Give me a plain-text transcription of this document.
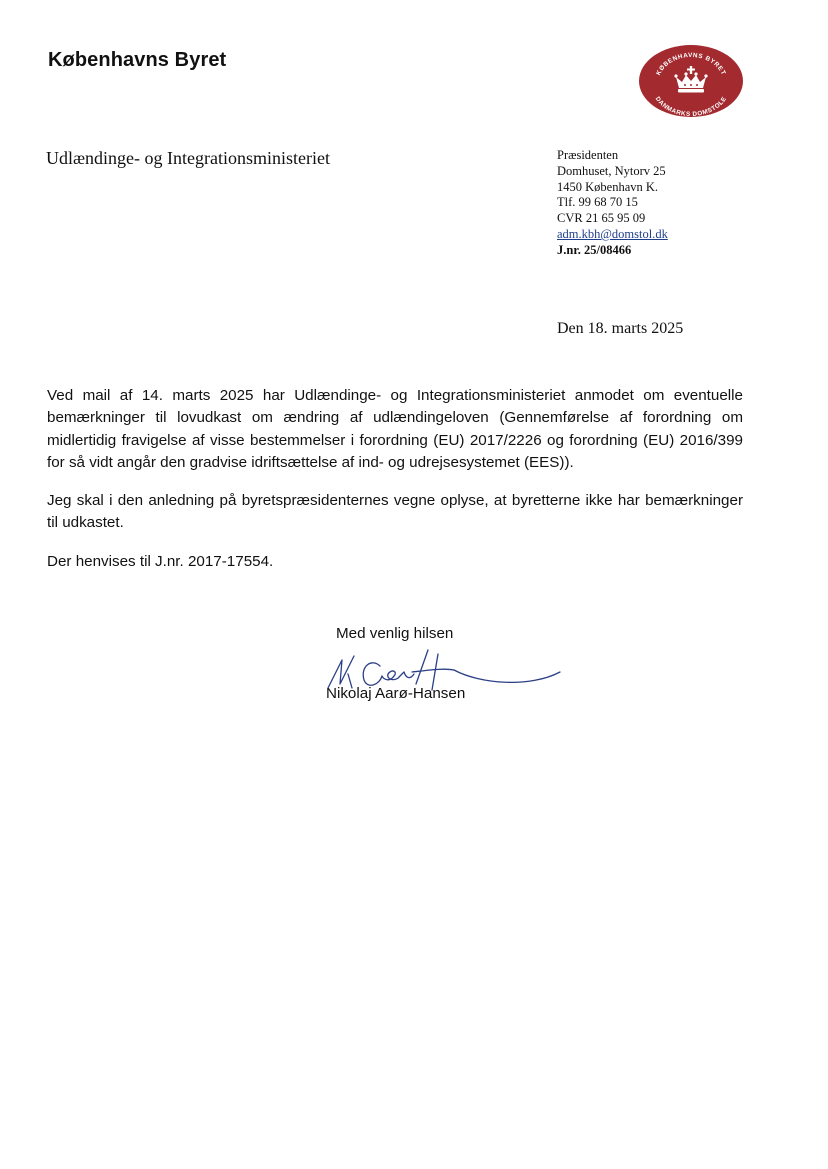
Københavns Byret
KØBENHAVNS BYRET
DANMARKS DOMSTOLE
Udlændinge- og Integrationsministeriet	Præsidenten
Domhuset, Nytorv 25
1450 København K.
Tlf. 99 68 70 15
CVR 21 65 95 09
adm.kbh@domstol.dk
J.nr. 25/08466
Den 18. marts 2025

Ved mail af 14. marts 2025 har Udlændinge- og Integrationsministeriet anmodet om eventuelle bemærkninger til lovudkast om ændring af udlændingeloven (Gennemførelse af forordning om midlertidig fravigelse af visse bestemmelser i forordning (EU) 2017/2226 og forordning (EU) 2016/399 for så vidt angår den gradvise idriftsættelse af ind- og udrejsesystemet (EES)).

Jeg skal i den anledning på byretspræsidenternes vegne oplyse, at byretterne ikke har bemærkninger til udkastet.

Der henvises til J.nr. 2017-17554.

Med venlig hilsen
Nikolaj Aarø-Hansen
